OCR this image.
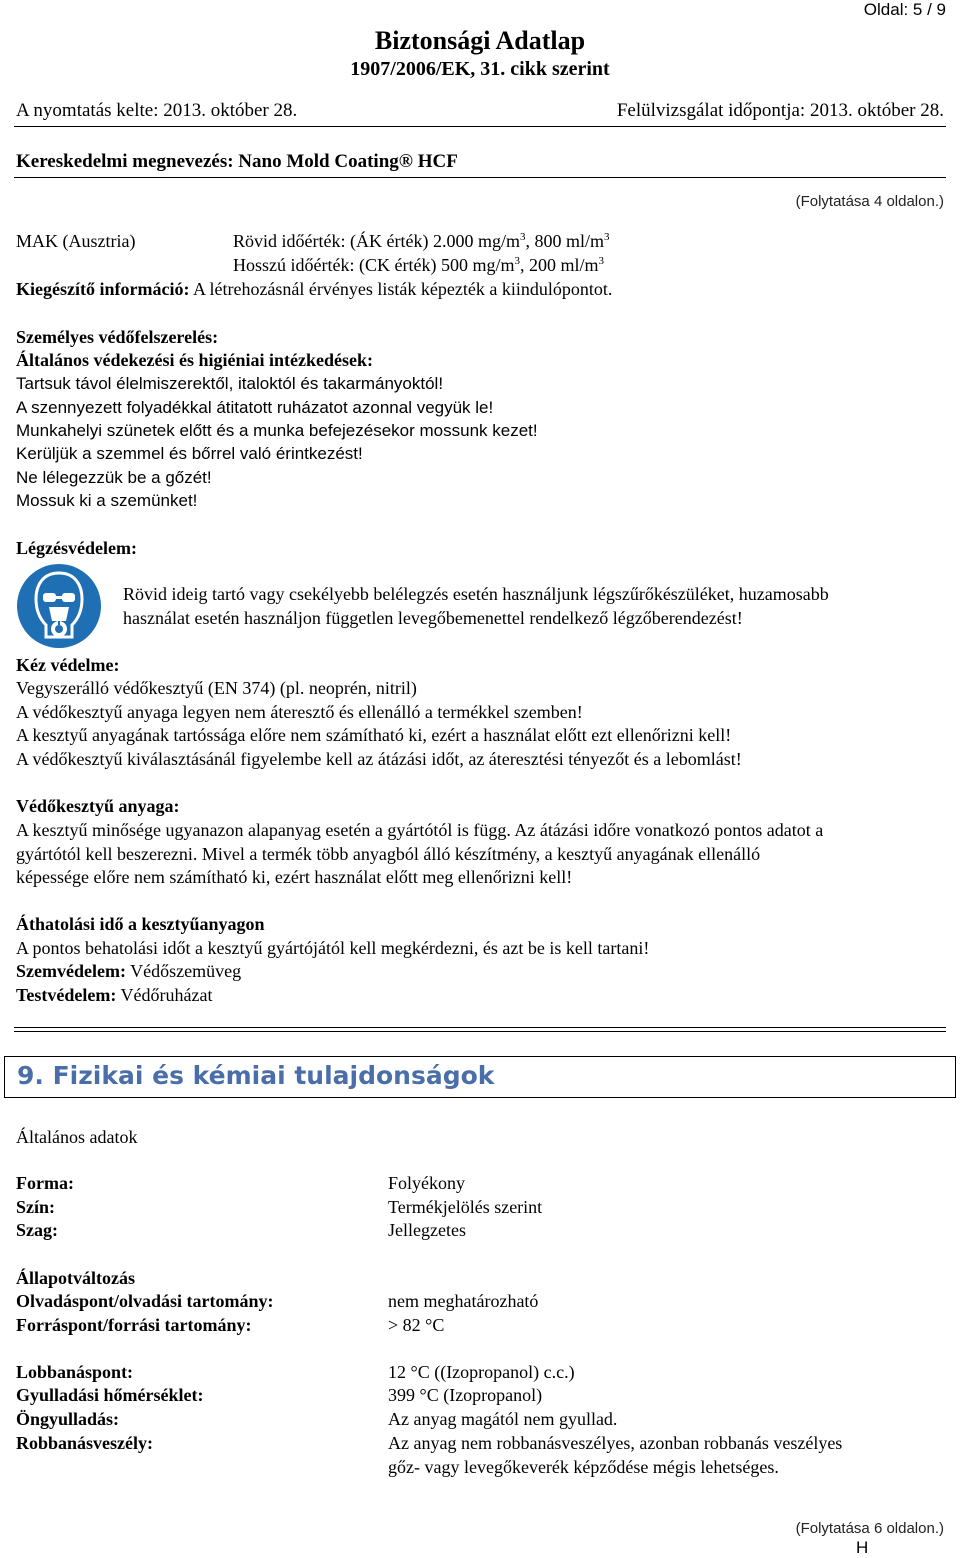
Oldal: 5 / 9
Biztonsági Adatlap
1907/2006/EK, 31. cikk szerint
A nyomtatás kelte: 2013. október 28.	Felülvizsgálat időpontja: 2013. október 28.
Kereskedelmi megnevezés: Nano Mold Coating® HCF
(Folytatása 4 oldalon.)
MAK (Ausztria)	Rövid időérték: (ÁK érték) 2.000 $mg/m^3$, 800 $ml/m^3$
Hosszú időérték: (CK érték) 500 $mg/m^3$, 200 $ml/m^3$
Kiegészítő információ: A létrehozásnál érvényes listák képezték a kiindulópontot.
Személyes védőfelszerelés:
Általános védekezési és higiéniai intézkedések:
Tartsuk távol élelmiszerektől, italoktól és takarmányoktól!
A szennyezett folyadékkal átitatott ruházatot azonnal vegyük le!
Munkahelyi szünetek előtt és a munka befejezésekor mossunk kezet!
Kerüljük a szemmel és bőrrel való érintkezést!
Ne lélegezzük be a gőzét!
Mossuk ki a szemünket!
Légzésvédelem:
Rövid ideig tartó vagy csekélyebb belélegzés esetén használjunk légszűrőkészüléket, huzamosabb
használat esetén használjon független levegőbemenettel rendelkező légzőberendezést!
Kéz védelme:
Vegyszerálló védőkesztyű (EN 374) (pl. neoprén, nitril)
A védőkesztyű anyaga legyen nem áteresztő és ellenálló a termékkel szemben!
A kesztyű anyagának tartóssága előre nem számítható ki, ezért a használat előtt ezt ellenőrizni kell!
A védőkesztyű kiválasztásánál figyelembe kell az átázási időt, az áteresztési tényezőt és a lebomlást!
Védőkesztyű anyaga:
A kesztyű minősége ugyanazon alapanyag esetén a gyártótól is függ. Az átázási időre vonatkozó pontos adatot a
gyártótól kell beszerezni. Mivel a termék több anyagból álló készítmény, a kesztyű anyagának ellenálló
képessége előre nem számítható ki, ezért használat előtt meg ellenőrizni kell!
Áthatolási idő a kesztyűanyagon
A pontos behatolási időt a kesztyű gyártójától kell megkérdezni, és azt be is kell tartani!
Szemvédelem: Védőszemüveg
Testvédelem: Védőruházat
9. Fizikai és kémiai tulajdonságok
Általános adatok
Forma:	Folyékony
Szín:	Termékjelölés szerint
Szag:	Jellegzetes
Állapotváltozás
Olvadáspont/olvadási tartomány:	nem meghatározható
Forráspont/forrási tartomány:	> 82 °C
Lobbanáspont:	12 °C ((Izopropanol) c.c.)
Gyulladási hőmérséklet:	399 °C (Izopropanol)
Öngyulladás:	Az anyag magától nem gyullad.
Robbanásveszély:	Az anyag nem robbanásveszélyes, azonban robbanás veszélyes
gőz- vagy levegőkeverék képződése mégis lehetséges.
(Folytatása 6 oldalon.)
H
